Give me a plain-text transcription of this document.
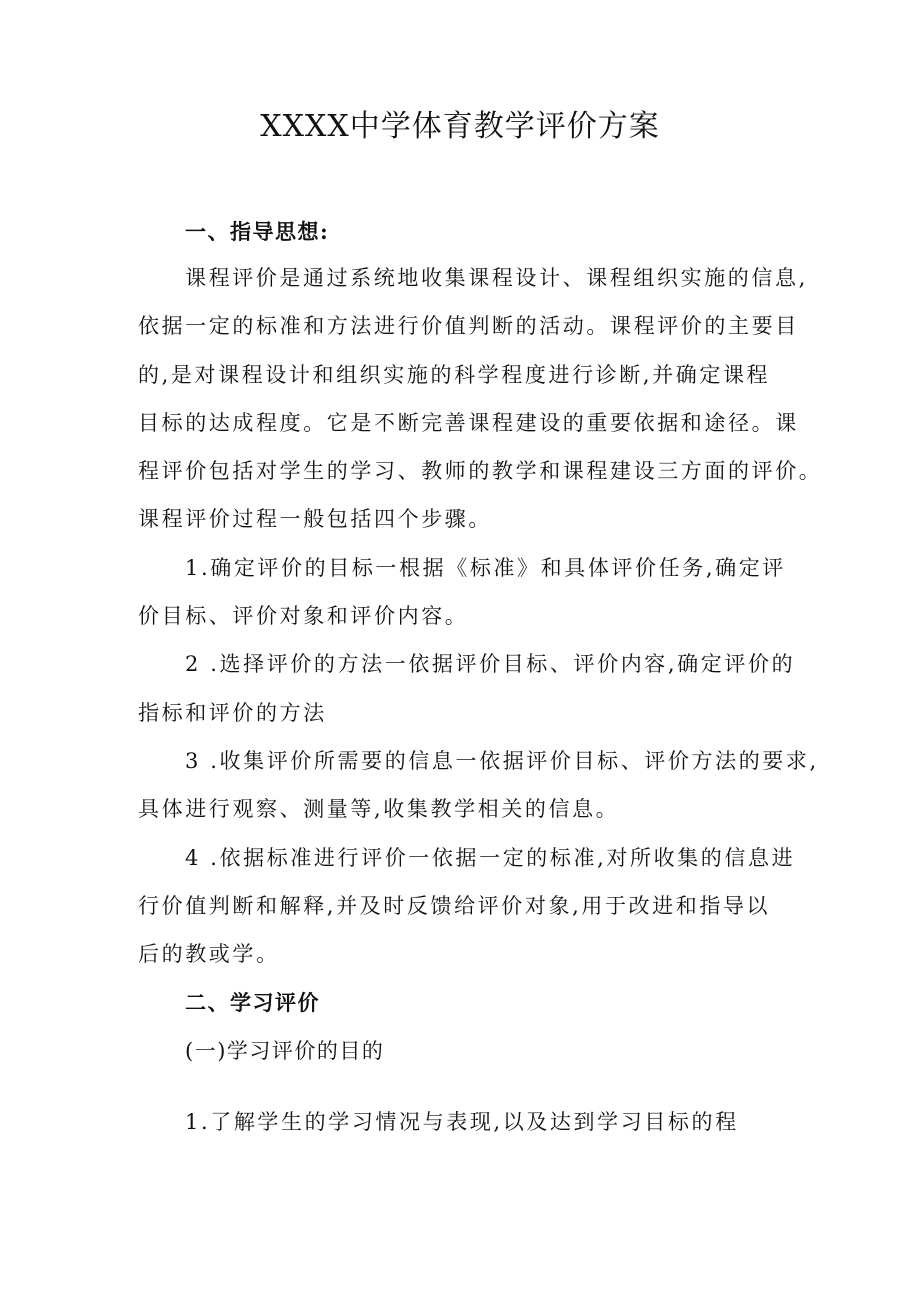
XXXX中学体育教学评价方案

一、指导思想:

课程评价是通过系统地收集课程设计、课程组织实施的信息,

依据一定的标准和方法进行价值判断的活动。课程评价的主要目

的,是对课程设计和组织实施的科学程度进行诊断,并确定课程

目标的达成程度。它是不断完善课程建设的重要依据和途径。课

程评价包括对学生的学习、教师的教学和课程建设三方面的评价。

课程评价过程一般包括四个步骤。

1.确定评价的目标一根据《标准》和具体评价任务,确定评

价目标、评价对象和评价内容。

2 .选择评价的方法一依据评价目标、评价内容,确定评价的

指标和评价的方法

3 .收集评价所需要的信息一依据评价目标、评价方法的要求,

具体进行观察、测量等,收集教学相关的信息。

4 .依据标准进行评价一依据一定的标准,对所收集的信息进

行价值判断和解释,并及时反馈给评价对象,用于改进和指导以

后的教或学。

二、学习评价

(一)学习评价的目的

1.了解学生的学习情况与表现,以及达到学习目标的程
